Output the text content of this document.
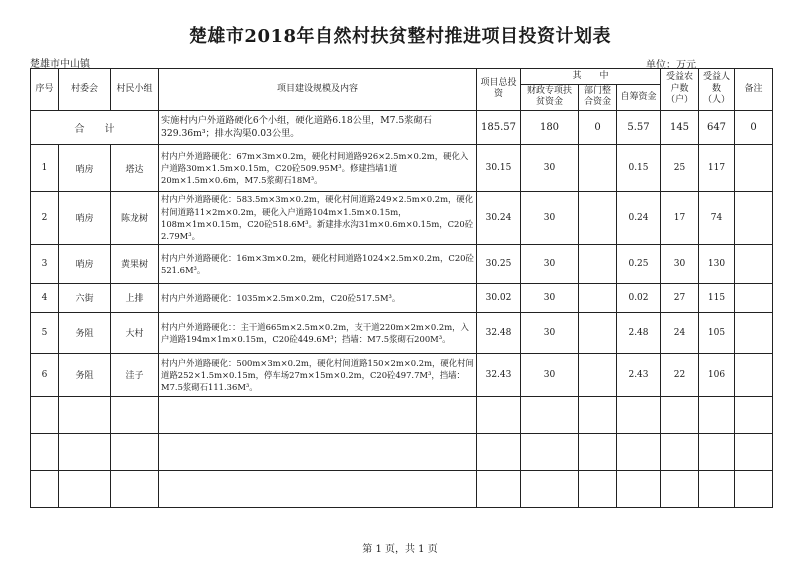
楚雄市2018年自然村扶贫整村推进项目投资计划表
楚雄市中山镇	单位：万元
序号	村委会	村民小组	项目建设规模及内容	项目总投资	其　　中			受益农户数（户）	受益人数（人）	备注
					财政专项扶贫资金	部门整合资金	自筹资金			
合　　计			实施村内户外道路硬化6个小组，硬化道路6.18公里，M7.5浆砌石329.36m³；排水沟渠0.03公里。	185.57	180	0	5.57	145	647	0
1	哨房	塔达	村内户外道路硬化：67m×3m×0.2m，硬化村间道路926×2.5m×0.2m，硬化入户道路30m×1.5m×0.15m，C20砼509.95M³。修建挡墙1道20m×1.5m×0.6m，M7.5浆砌石18M³。	30.15	30		0.15	25	117	
2	哨房	陈龙树	村内户外道路硬化：583.5m×3m×0.2m，硬化村间道路249×2.5m×0.2m，硬化村间道路11×2m×0.2m，硬化入户道路104m×1.5m×0.15m，108m×1m×0.15m，C20砼518.6M³。新建排水沟31m×0.6m×0.15m，C20砼2.79M³。	30.24	30		0.24	17	74	
3	哨房	黄果树	村内户外道路硬化：16m×3m×0.2m，硬化村间道路1024×2.5m×0.2m，C20砼521.6M³。	30.25	30		0.25	30	130	
4	六街	上排	村内户外道路硬化：1035m×2.5m×0.2m，C20砼517.5M³。	30.02	30		0.02	27	115	
5	务阻	大村	村内户外道路硬化：：主干道665m×2.5m×0.2m，支干道220m×2m×0.2m，入户道路194m×1m×0.15m，C20砼449.6M³；挡墙：M7.5浆砌石200M³。	32.48	30		2.48	24	105	
6	务阻	洼子	村内户外道路硬化：500m×3m×0.2m，硬化村间道路150×2m×0.2m，硬化村间道路252×1.5m×0.15m，停车场27m×15m×0.2m，C20砼497.7M³，挡墙：M7.5浆砌石111.36M³。	32.43	30		2.43	22	106	

第 1 页，共 1 页
